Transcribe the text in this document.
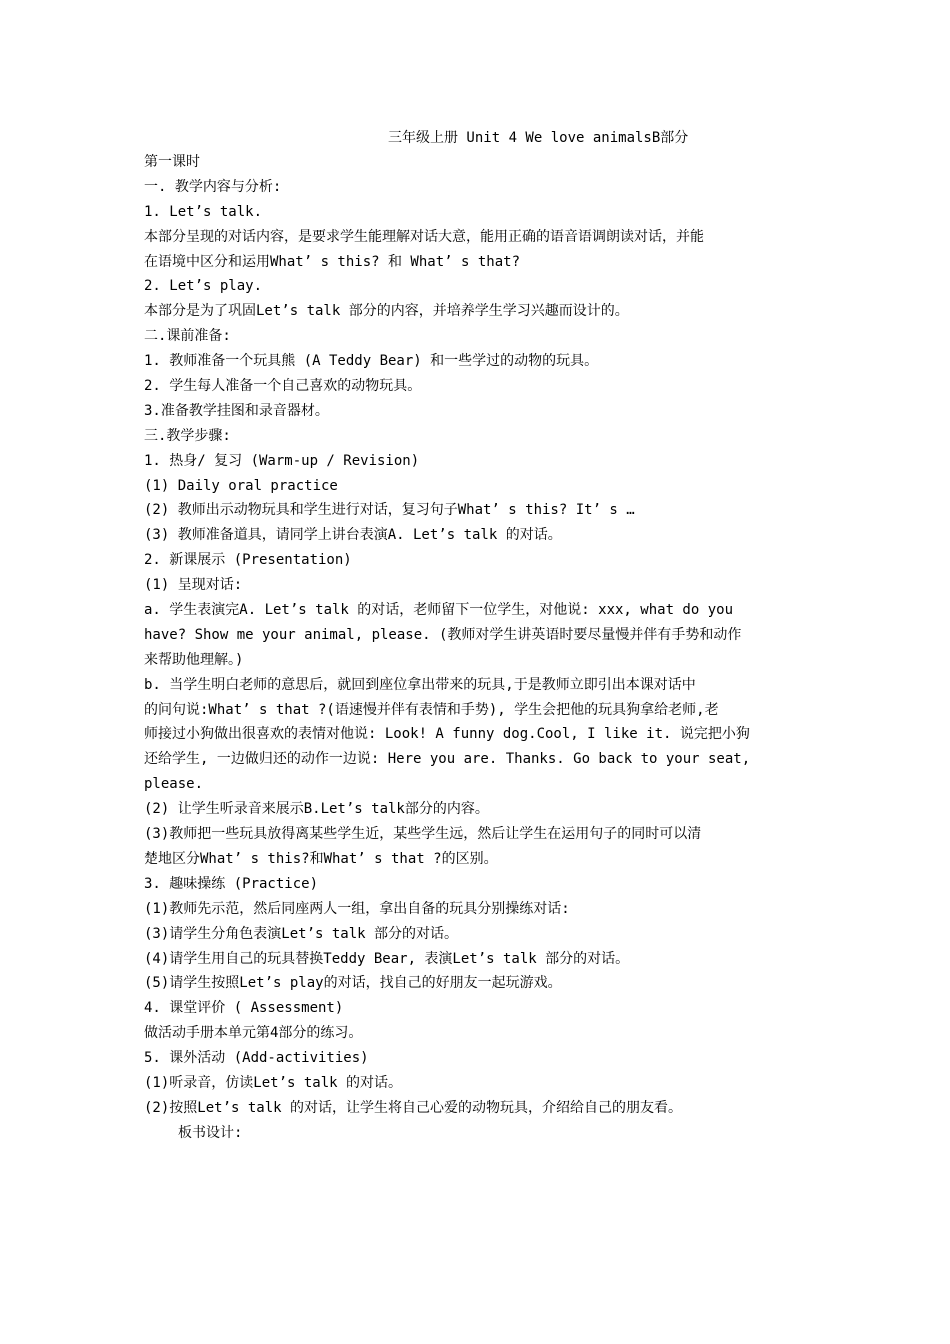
三年级上册 Unit 4 We love animalsB部分
第一课时
一. 教学内容与分析:
1. Let’s talk.
本部分呈现的对话内容，是要求学生能理解对话大意，能用正确的语音语调朗读对话，并能
在语境中区分和运用What’ s this? 和 What’ s that?
2. Let’s play.
本部分是为了巩固Let’s talk 部分的内容，并培养学生学习兴趣而设计的。
二.课前准备:
1. 教师准备一个玩具熊 (A Teddy Bear) 和一些学过的动物的玩具。
2. 学生每人准备一个自己喜欢的动物玩具。
3.准备教学挂图和录音器材。
三.教学步骤:
1. 热身/ 复习 (Warm-up / Revision)
(1) Daily oral practice
(2) 教师出示动物玩具和学生进行对话，复习句子What’ s this? It’ s …
(3) 教师准备道具，请同学上讲台表演A. Let’s talk 的对话。
2. 新课展示 (Presentation)
(1) 呈现对话:
a. 学生表演完A. Let’s talk 的对话，老师留下一位学生，对他说: xxx, what do you
have? Show me your animal, please. (教师对学生讲英语时要尽量慢并伴有手势和动作
来帮助他理解。)
b. 当学生明白老师的意思后，就回到座位拿出带来的玩具,于是教师立即引出本课对话中
的问句说:What’ s that ?(语速慢并伴有表情和手势), 学生会把他的玩具狗拿给老师,老
师接过小狗做出很喜欢的表情对他说: Look! A funny dog.Cool, I like it. 说完把小狗
还给学生, 一边做归还的动作一边说: Here you are. Thanks. Go back to your seat,
please.
(2) 让学生听录音来展示B.Let’s talk部分的内容。
(3)教师把一些玩具放得离某些学生近，某些学生远，然后让学生在运用句子的同时可以清
楚地区分What’ s this?和What’ s that ?的区别。
3. 趣味操练 (Practice)
(1)教师先示范，然后同座两人一组，拿出自备的玩具分别操练对话:
(3)请学生分角色表演Let’s talk 部分的对话。
(4)请学生用自己的玩具替换Teddy Bear, 表演Let’s talk 部分的对话。
(5)请学生按照Let’s play的对话，找自己的好朋友一起玩游戏。
4. 课堂评价 ( Assessment)
做活动手册本单元第4部分的练习。
5. 课外活动 (Add-activities)
(1)听录音，仿读Let’s talk 的对话。
(2)按照Let’s talk 的对话，让学生将自己心爱的动物玩具，介绍给自己的朋友看。
板书设计:
